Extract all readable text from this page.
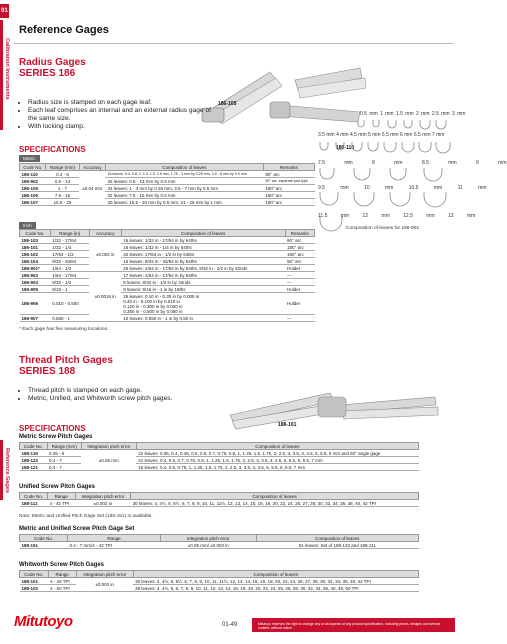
01
Calibration Instruments
Reference Gages
Reference Gages
Radius Gages
SERIES 186
186-105
186-110
• Radius size is stamped on each gage leaf.
• Each leaf comprises an internal and an external radius gage of the same size.
• With locking clamp.
SPECIFICATIONS
Metric
Code No.	Range (mm)	Accuracy	Composition of leaves	Remarks
186-110	0.4 - 6	±0.04 mm	18 leaves: 0.4, 0.8, 1, 1.2, 1.5, 1.6 mm, 1.75 - 3 mm by 0.25 mm, 3.5 - 6 mm by 0.5 mm	90° arc
186-902	0.5 - 13		26 leaves: 0.5 - 13 mm by 0.5 mm	90° arc, separate part type
186-105	1 - 7		34 leaves: 1 - 3 mm by 0.25 mm, 3.5 - 7 mm by 0.5 mm	180° arc
186-106	7.5 - 15		32 leaves: 7.5 - 15 mm by 0.5 mm	180° arc
186-107	15.5 - 25		30 leaves: 15.5 - 20 mm by 0.5 mm, 21 - 25 mm by 1 mm	180° arc
Inch
Code No.	Range (in)	Accuracy	Composition of leaves	Remarks
186-103	1/32 - 17/64	±0.002 in	16 leaves: 1/32 in - 17/64 in by 64ths	90° arc
186-101	1/32 - 1/4		16 leaves: 1/32 in - 1/4 in by 64ths	180° arc
186-102	17/64 - 1/2		32 leaves: 17/64 in - 1/2 in by 64ths	180° arc
186-104	9/32 - 33/64		16 leaves: 9/32 in - 33/64 in by 64ths	90° arc
186-901*	1/64 - 1/2		25 leaves: 1/64 in - 17/64 in by 64ths, 9/32 in - 1/2 in by 32nds	Holder
186-903	1/64 - 17/64	±0.0016 in	17 leaves: 1/64 in - 17/64 in by 64ths	—
186-904	9/32 - 1/2		8 leaves: 9/32 in - 1/2 in by 32nds	—
186-905	9/16 - 1		8 leaves: 9/16 in - 1 in by 16ths	Holder
186-906	0.010 - 0.500		26 leaves: 0.10 in - 0.30 in by 0.005 in
0.40 in - 0.100 in by 0.010 in
0.120 in - 0.300 in by 0.020 in
0.350 in - 0.500 in by 0.050 in	Holder
186-907	0.550 - 1		10 leaves: 0.550 in - 1 in by 0.50 in	—
* Each gage has five measuring locations.
0.5 mm 1 mm 1.5 mm 2 mm 2.5 mm 3 mm
3.5 mm 4 mm 4.5 mm 5 mm 5.5 mm 6 mm 6.5 mm 7 mm
7.5 mm	8 mm	8.5 mm	9 mm
9.5 mm	10 mm	10.5 mm	11 mm
11.5 mm	12 mm	12.5 mm	13 mm
Composition of leaves for 186-902
Thread Pitch Gages
SERIES 188
• Thread pitch is stamped on each gage.
• Metric, Unified, and Whitworth screw pitch gages.
188-101
SPECIFICATIONS
Metric Screw Pitch Gages
Code No.	Range (mm)	Integration pitch error	Composition of leaves
188-130	0.35 - 6	±0.05 mm	22 leaves: 0.35, 0.4, 0.45, 0.5, 0.6, 0.7, 0.75, 0.8, 1, 1.25, 1.5, 1.75, 2, 2.5, 3, 3.5, 4, 4.5, 5, 5.5, 6 mm and 60° angle gage
188-122	0.4 - 7		21 leaves: 0.4, 0.5, 0.7, 0.75, 0.8, 1, 1.25, 1.5, 1.75, 2, 2.5, 3, 3.5, 4, 4.5, 5, 5.5, 6, 6.5, 7 mm
188-121	0.4 - 7		18 leaves: 0.4, 0.5, 0.75, 1, 1.25, 1.5, 1.75, 2, 2.5, 3, 3.5, 4, 4.5, 5, 5.5, 6, 6.5, 7 mm
Unified Screw Pitch Gages
Code No.	Range	Integration pitch error	Composition of leaves
188-111	4 - 42 TPI	±0.002 in	30 leaves: 4, 4½, 5, 5½, 6, 7, 8, 9, 10, 11, 11½, 12, 13, 14, 15, 16, 18, 20, 22, 24, 26, 27, 28, 30, 32, 34, 36, 38, 40, 42 TPI
Note: Metric and Unified Pitch Gage Set (188-151) is available.
Metric and Unified Screw Pitch Gage Set
Code No.	Range	Integration pitch error	Composition of leaves
188-151	0.4 - 7 mm/4 - 42 TPI	±0.05 mm/ ±0.002 in	51 leaves: Set of 188-122 and 188-111
Whitworth Screw Pitch Gages
Code No.	Range	Integration pitch error	Composition of leaves
188-101	4 - 42 TPI	±0.002 in	30 leaves: 4, 4½, 5, 5½, 6, 7, 8, 9, 10, 11, 11½, 12, 13, 14, 15, 16, 18, 20, 22, 24, 26, 27, 28, 30, 32, 34, 36, 40, 42 TPI
188-102	4 - 60 TPI		28 leaves: 4, 4½, 5, 6, 7, 8, 9, 10, 11, 12, 13, 14, 16, 18, 19, 20, 22, 24, 25, 26, 28, 30, 32, 34, 36, 40, 48, 60 TPI
Mitutoyo	01-49	Mitutoyo reserves the right to change any or all aspects of any product specification, including prices, designs and service content, without notice.
